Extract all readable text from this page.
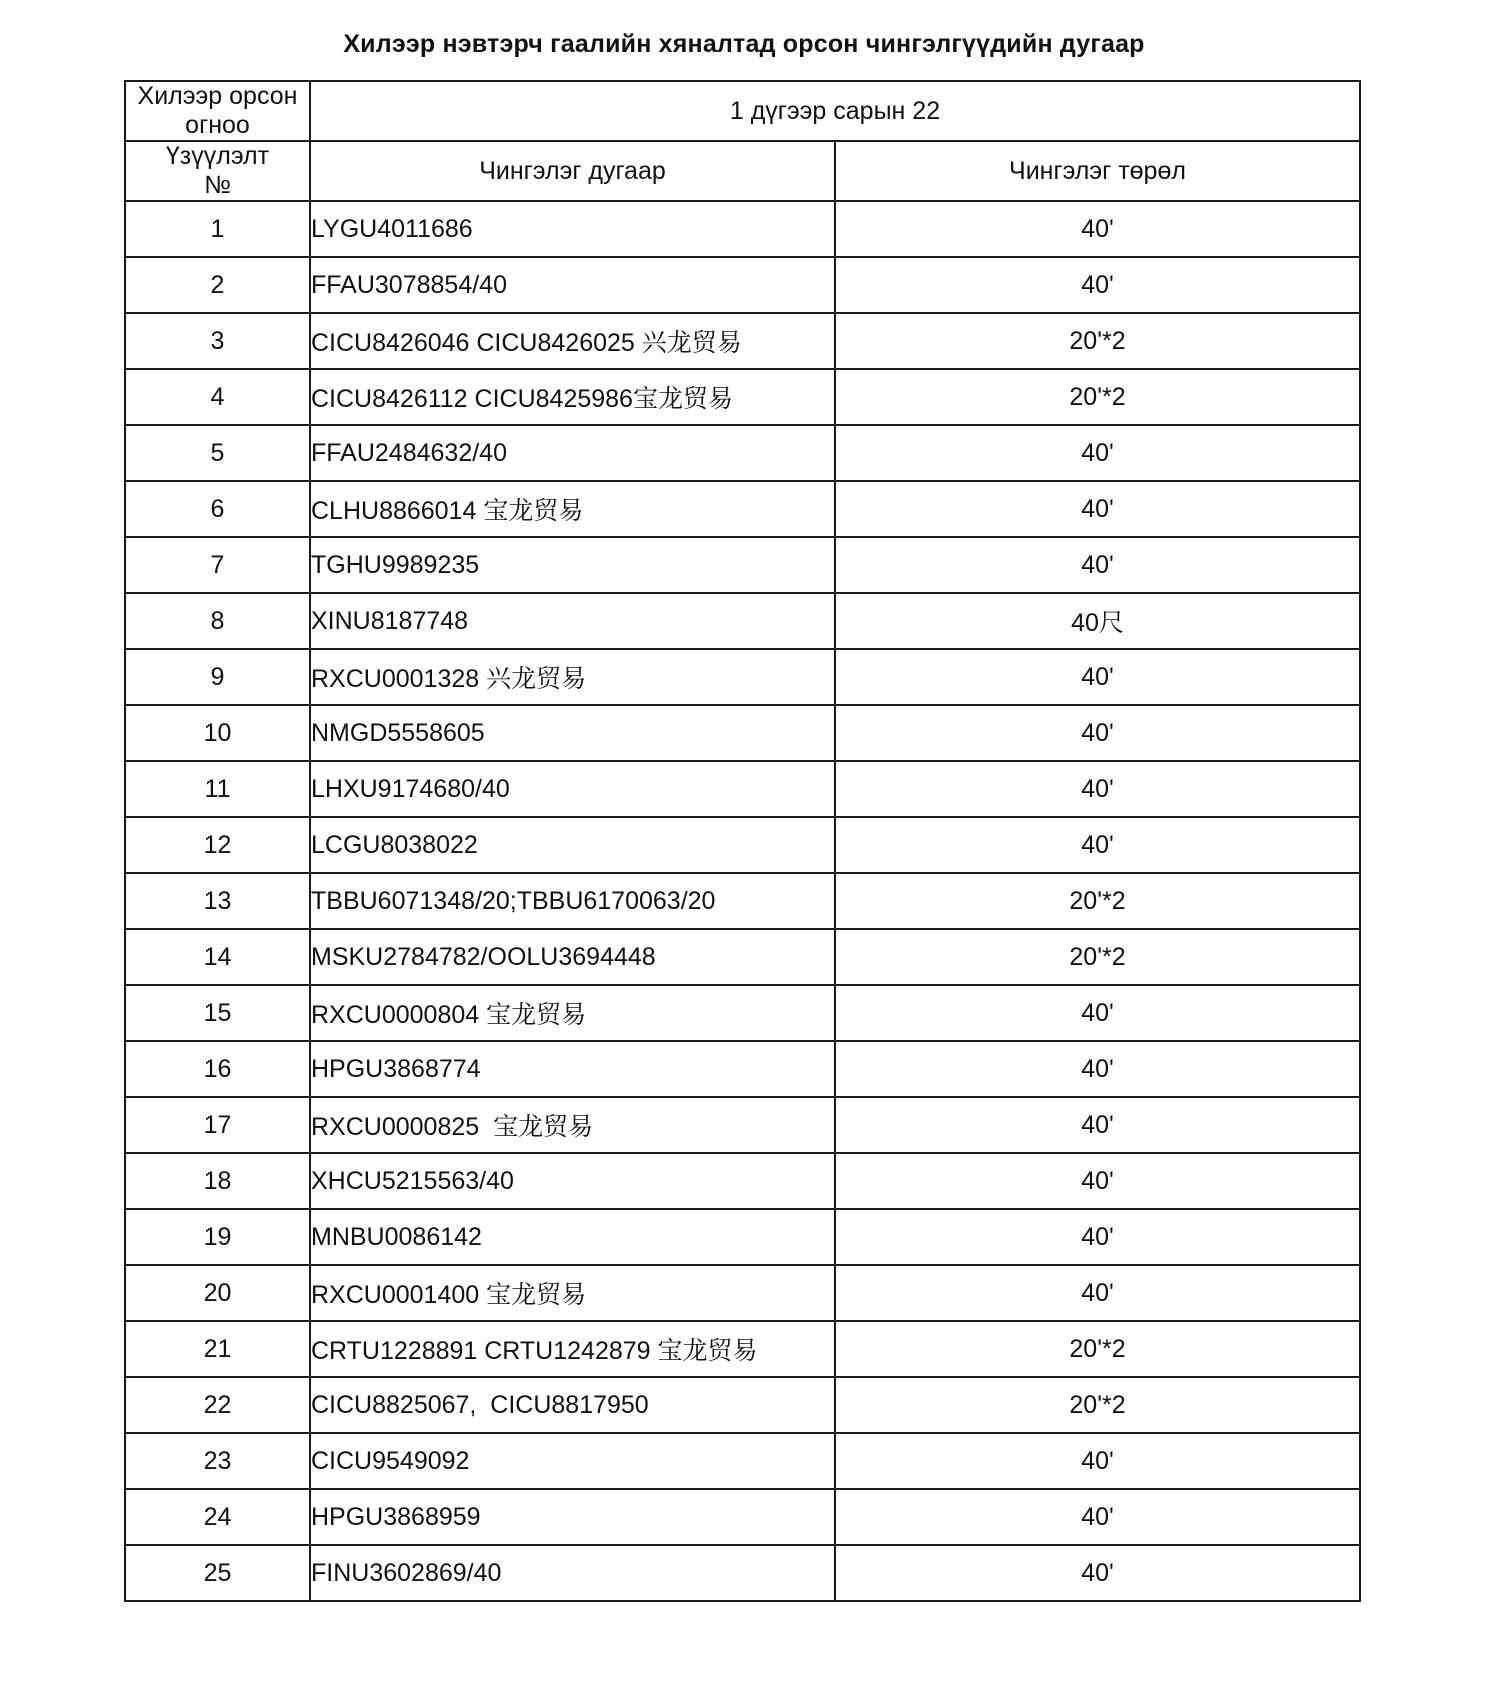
Хилээр нэвтэрч гаалийн хяналтад орсон чингэлгүүдийн дугаар
Хилээр орсон
огноо	1 дүгээр сарын 22	
Үзүүлэлт
№	Чингэлэг дугаар	Чингэлэг төрөл
1	LYGU4011686	40'
2	FFAU3078854/40	40'
3	CICU8426046 CICU8426025 兴龙贸易	20'*2
4	CICU8426112 CICU8425986宝龙贸易	20'*2
5	FFAU2484632/40	40'
6	CLHU8866014 宝龙贸易	40'
7	TGHU9989235	40'
8	XINU8187748	40尺
9	RXCU0001328 兴龙贸易	40'
10	NMGD5558605	40'
11	LHXU9174680/40	40'
12	LCGU8038022	40'
13	TBBU6071348/20;TBBU6170063/20	20'*2
14	MSKU2784782/OOLU3694448	20'*2
15	RXCU0000804 宝龙贸易	40'
16	HPGU3868774	40'
17	RXCU0000825  宝龙贸易	40'
18	XHCU5215563/40	40'
19	MNBU0086142	40'
20	RXCU0001400 宝龙贸易	40'
21	CRTU1228891 CRTU1242879 宝龙贸易	20'*2
22	CICU8825067,  CICU8817950	20'*2
23	CICU9549092	40'
24	HPGU3868959	40'
25	FINU3602869/40	40'
